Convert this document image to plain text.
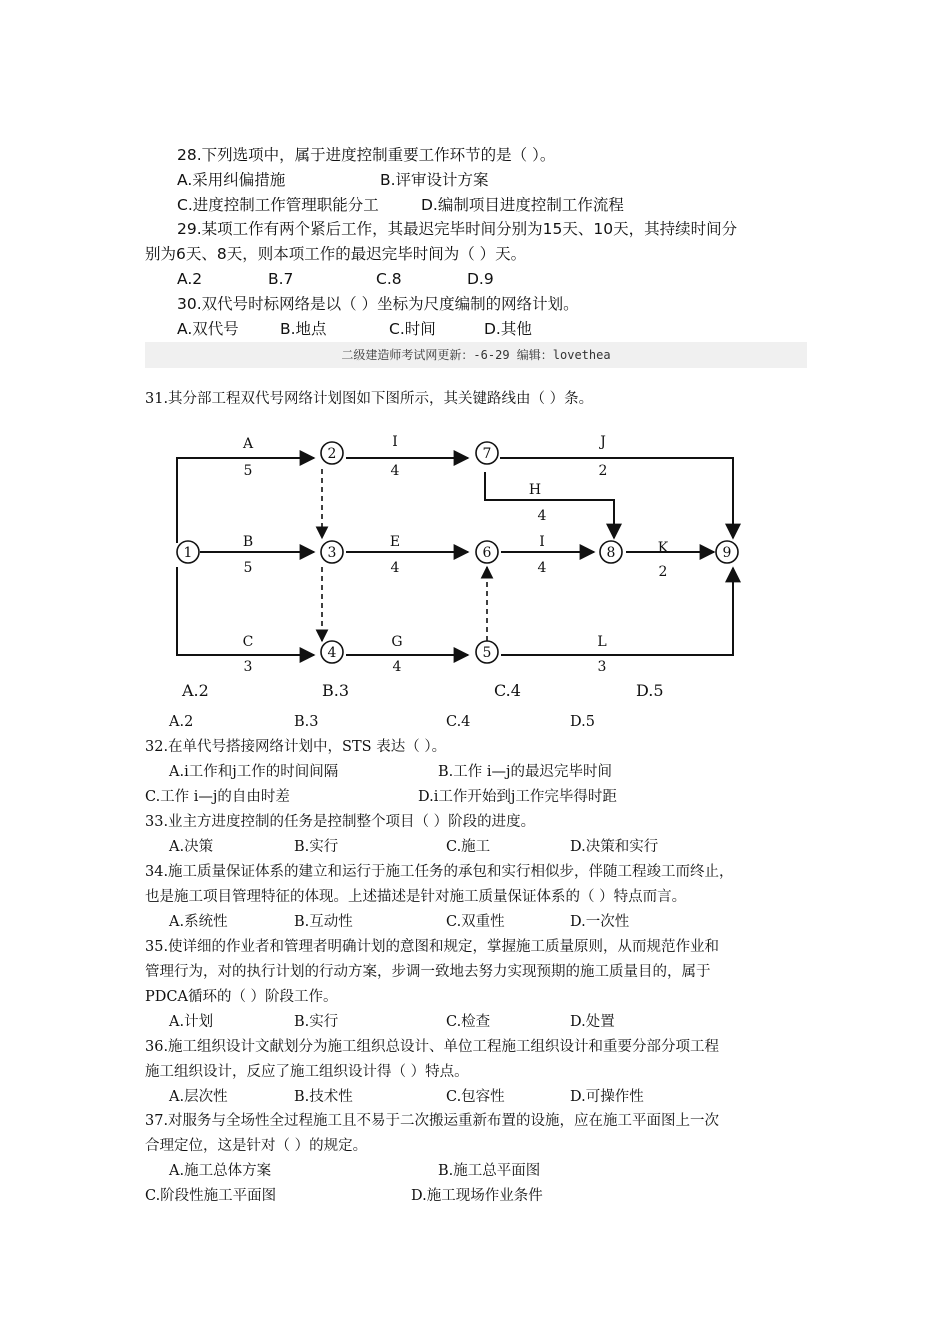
28.下列选项中，属于进度控制重要工作环节的是（ ）。
A.采用纠偏措施	B.评审设计方案
C.进度控制工作管理职能分工	D.编制项目进度控制工作流程
29.某项工作有两个紧后工作，其最迟完毕时间分别为15天、10天，其持续时间分
别为6天、8天，则本项工作的最迟完毕时间为（ ）天。
A.2	B.7	C.8	D.9
30.双代号时标网络是以（ ）坐标为尺度编制的网络计划。
A.双代号	B.地点	C.时间	D.其他
二级建造师考试网更新：-6-29 编辑：lovethea
31.其分部工程双代号网络计划图如下图所示，其关键路线由（ ）条。
1
2
3
4	5
6
7
8	9
A
5
I
4
J
2
H
4
B
5
E
4
I
4
K
2
C
3
G
4
L
3
A.2	B.3	C.4	D.5
A.2	B.3	C.4	D.5
32.在单代号搭接网络计划中，STS 表达（ ）。
A.i工作和j工作的时间间隔	B.工作 i—j的最迟完毕时间
C.工作 i—j的自由时差	D.i工作开始到j工作完毕得时距
33.业主方进度控制的任务是控制整个项目（ ）阶段的进度。
A.决策	B.实行	C.施工	D.决策和实行
34.施工质量保证体系的建立和运行于施工任务的承包和实行相似步，伴随工程竣工而终止，
也是施工项目管理特征的体现。上述描述是针对施工质量保证体系的（ ）特点而言。
A.系统性	B.互动性	C.双重性	D.一次性
35.使详细的作业者和管理者明确计划的意图和规定，掌握施工质量原则，从而规范作业和
管理行为，对的执行计划的行动方案，步调一致地去努力实现预期的施工质量目的，属于
PDCA循环的（ ）阶段工作。
A.计划	B.实行	C.检查	D.处置
36.施工组织设计文献划分为施工组织总设计、单位工程施工组织设计和重要分部分项工程
施工组织设计，反应了施工组织设计得（ ）特点。
A.层次性	B.技术性	C.包容性	D.可操作性
37.对服务与全场性全过程施工且不易于二次搬运重新布置的设施，应在施工平面图上一次
合理定位，这是针对（ ）的规定。
A.施工总体方案	B.施工总平面图
C.阶段性施工平面图	D.施工现场作业条件
